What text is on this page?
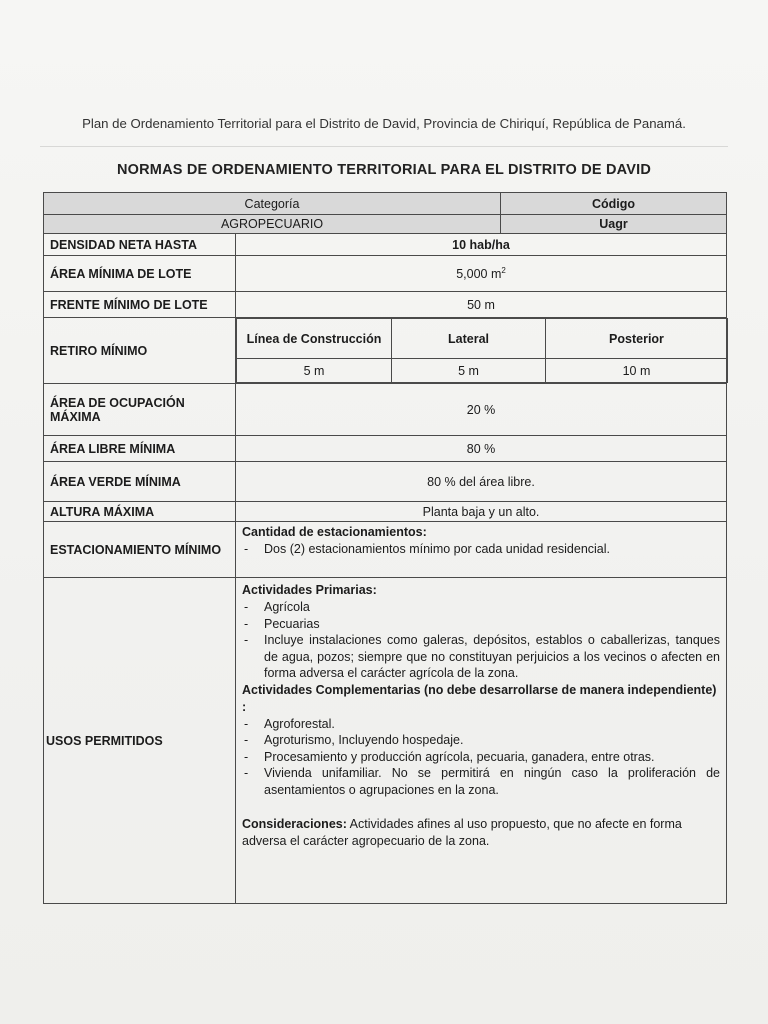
Plan de Ordenamiento Territorial para el Distrito de David, Provincia de Chiriquí, República de Panamá.
NORMAS DE ORDENAMIENTO TERRITORIAL PARA EL DISTRITO DE DAVID
Categoría	Código
AGROPECUARIO	Uagr
DENSIDAD NETA HASTA	10 hab/ha
ÁREA MÍNIMA DE LOTE	5,000 $m^2$
FRENTE MÍNIMO DE LOTE	50 m
RETIRO MÍNIMO	
Línea de Construcción	Lateral	Posterior
5 m	5 m	10 m

ÁREA DE OCUPACIÓN MÁXIMA	20 %
ÁREA LIBRE MÍNIMA	80 %
ÁREA VERDE MÍNIMA	80 % del área libre.
ALTURA MÁXIMA	Planta baja y un alto.
ESTACIONAMIENTO MÍNIMO	
Cantidad de estacionamientos:
- Dos (2) estacionamientos mínimo por cada unidad residencial.

USOS PERMITIDOS	
Actividades Primarias:
- Agrícola
- Pecuarias
- Incluye instalaciones como galeras, depósitos, establos o caballerizas, tanques de agua, pozos; siempre que no constituyan perjuicios a los vecinos o afecten en forma adversa el carácter agrícola de la zona.
Actividades Complementarias (no debe desarrollarse de manera independiente) :
- Agroforestal.
- Agroturismo, Incluyendo hospedaje.
- Procesamiento y producción agrícola, pecuaria, ganadera, entre otras.
- Vivienda unifamiliar. No se permitirá en ningún caso la proliferación de asentamientos o agrupaciones en la zona.
Consideraciones: Actividades afines al uso propuesto, que no afecte en forma adversa el carácter agropecuario de la zona.
